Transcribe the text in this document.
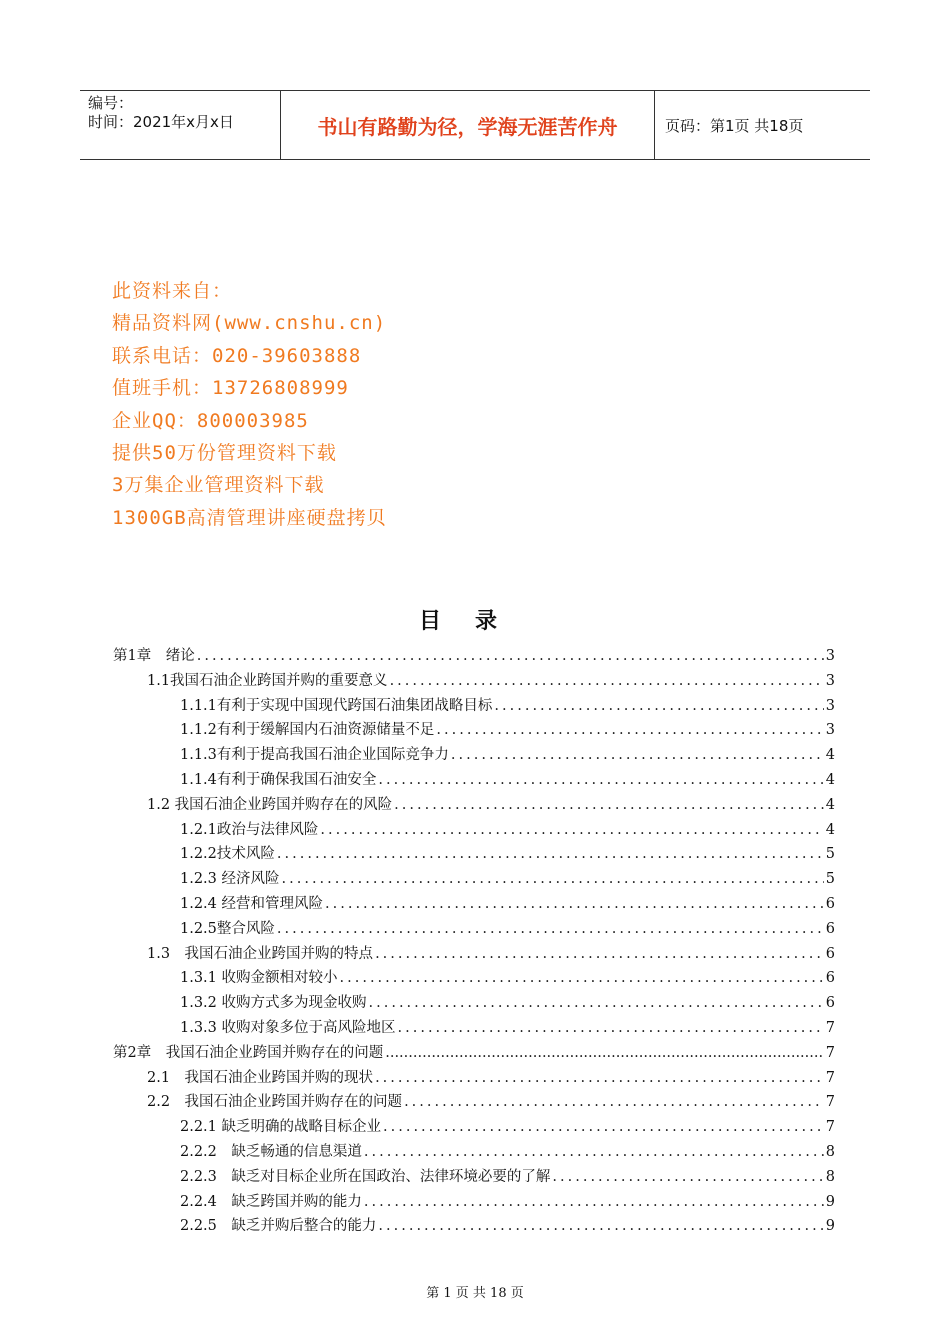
编号：
时间：2021年x月x日	书山有路勤为径，学海无涯苦作舟	页码：第1页 共18页
此资料来自：
精品资料网(www.cnshu.cn)
联系电话：020-39603888
值班手机：13726808999
企业QQ：800003985
提供50万份管理资料下载
3万集企业管理资料下载
1300GB高清管理讲座硬盘拷贝
目录
第1章　绪论 .....	3
1.1我国石油企业跨国并购的重要意义 .....	3
1.1.1有利于实现中国现代跨国石油集团战略目标 .....	3
1.1.2有利于缓解国内石油资源储量不足 .....	3
1.1.3有利于提高我国石油企业国际竞争力 .....	4
1.1.4有利于确保我国石油安全 .....	4
1.2 我国石油企业跨国并购存在的风险 .....	4
1.2.1政治与法律风险 .....	4
1.2.2技术风险 .....	5
1.2.3 经济风险 .....	5
1.2.4 经营和管理风险 .....	6
1.2.5整合风险 .....	6
1.3　我国石油企业跨国并购的特点 .....	6
1.3.1 收购金额相对较小 .....	6
1.3.2 收购方式多为现金收购 .....	6
1.3.3 收购对象多位于高风险地区 .....	7
第2章　我国石油企业跨国并购存在的问题 .....	7
2.1　我国石油企业跨国并购的现状 .....	7
2.2　我国石油企业跨国并购存在的问题 .....	7
2.2.1 缺乏明确的战略目标企业 .....	7
2.2.2　缺乏畅通的信息渠道 .....	8
2.2.3　缺乏对目标企业所在国政治、法律环境必要的了解 .....	8
2.2.4　缺乏跨国并购的能力 .....	9
2.2.5　缺乏并购后整合的能力 .....	9
第 1 页 共 18 页
